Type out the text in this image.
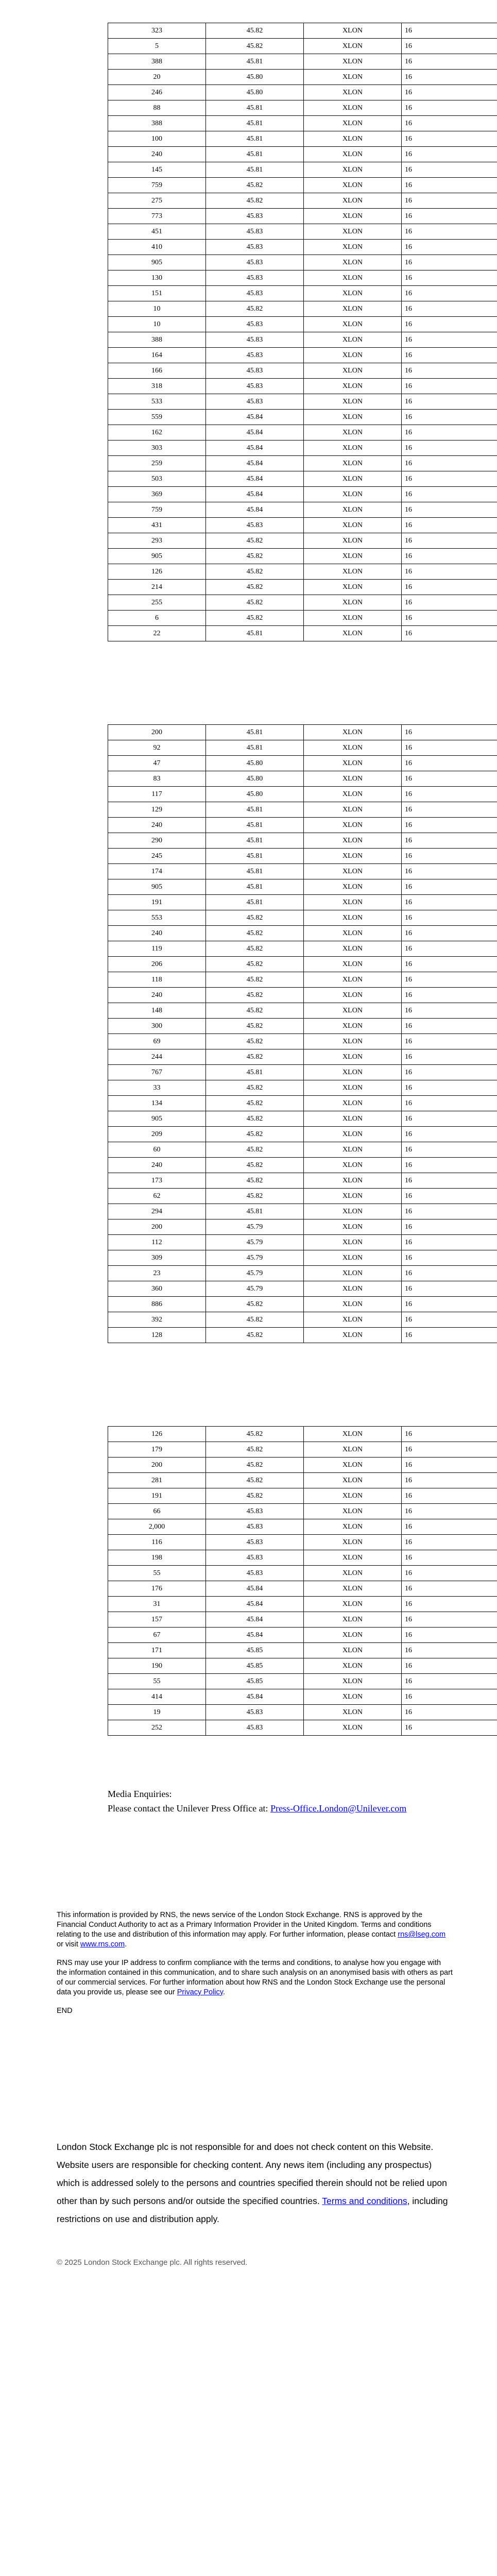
323	45.82	XLON	16
5	45.82	XLON	16
388	45.81	XLON	16
20	45.80	XLON	16
246	45.80	XLON	16
88	45.81	XLON	16
388	45.81	XLON	16
100	45.81	XLON	16
240	45.81	XLON	16
145	45.81	XLON	16
759	45.82	XLON	16
275	45.82	XLON	16
773	45.83	XLON	16
451	45.83	XLON	16
410	45.83	XLON	16
905	45.83	XLON	16
130	45.83	XLON	16
151	45.83	XLON	16
10	45.82	XLON	16
10	45.83	XLON	16
388	45.83	XLON	16
164	45.83	XLON	16
166	45.83	XLON	16
318	45.83	XLON	16
533	45.83	XLON	16
559	45.84	XLON	16
162	45.84	XLON	16
303	45.84	XLON	16
259	45.84	XLON	16
503	45.84	XLON	16
369	45.84	XLON	16
759	45.84	XLON	16
431	45.83	XLON	16
293	45.82	XLON	16
905	45.82	XLON	16
126	45.82	XLON	16
214	45.82	XLON	16
255	45.82	XLON	16
6	45.82	XLON	16
22	45.81	XLON	16
200	45.81	XLON	16
92	45.81	XLON	16
47	45.80	XLON	16
83	45.80	XLON	16
117	45.80	XLON	16
129	45.81	XLON	16
240	45.81	XLON	16
290	45.81	XLON	16
245	45.81	XLON	16
174	45.81	XLON	16
905	45.81	XLON	16
191	45.81	XLON	16
553	45.82	XLON	16
240	45.82	XLON	16
119	45.82	XLON	16
206	45.82	XLON	16
118	45.82	XLON	16
240	45.82	XLON	16
148	45.82	XLON	16
300	45.82	XLON	16
69	45.82	XLON	16
244	45.82	XLON	16
767	45.81	XLON	16
33	45.82	XLON	16
134	45.82	XLON	16
905	45.82	XLON	16
209	45.82	XLON	16
60	45.82	XLON	16
240	45.82	XLON	16
173	45.82	XLON	16
62	45.82	XLON	16
294	45.81	XLON	16
200	45.79	XLON	16
112	45.79	XLON	16
309	45.79	XLON	16
23	45.79	XLON	16
360	45.79	XLON	16
886	45.82	XLON	16
392	45.82	XLON	16
128	45.82	XLON	16
126	45.82	XLON	16
179	45.82	XLON	16
200	45.82	XLON	16
281	45.82	XLON	16
191	45.82	XLON	16
66	45.83	XLON	16
2,000	45.83	XLON	16
116	45.83	XLON	16
198	45.83	XLON	16
55	45.83	XLON	16
176	45.84	XLON	16
31	45.84	XLON	16
157	45.84	XLON	16
67	45.84	XLON	16
171	45.85	XLON	16
190	45.85	XLON	16
55	45.85	XLON	16
414	45.84	XLON	16
19	45.83	XLON	16
252	45.83	XLON	16
Media Enquiries:
Please contact the Unilever Press Office at: Press-Office.London@Unilever.com

This information is provided by RNS, the news service of the London Stock Exchange. RNS is approved by the Financial Conduct Authority to act as a Primary Information Provider in the United Kingdom. Terms and conditions relating to the use and distribution of this information may apply. For further information, please contact rns@lseg.com or visit www.rns.com.

RNS may use your IP address to confirm compliance with the terms and conditions, to analyse how you engage with the information contained in this communication, and to share such analysis on an anonymised basis with others as part of our commercial services. For further information about how RNS and the London Stock Exchange use the personal data you provide us, please see our Privacy Policy.

END

London Stock Exchange plc is not responsible for and does not check content on this Website. Website users are responsible for checking content. Any news item (including any prospectus) which is addressed solely to the persons and countries specified therein should not be relied upon other than by such persons and/or outside the specified countries. Terms and conditions, including restrictions on use and distribution apply.
© 2025 London Stock Exchange plc. All rights reserved.
